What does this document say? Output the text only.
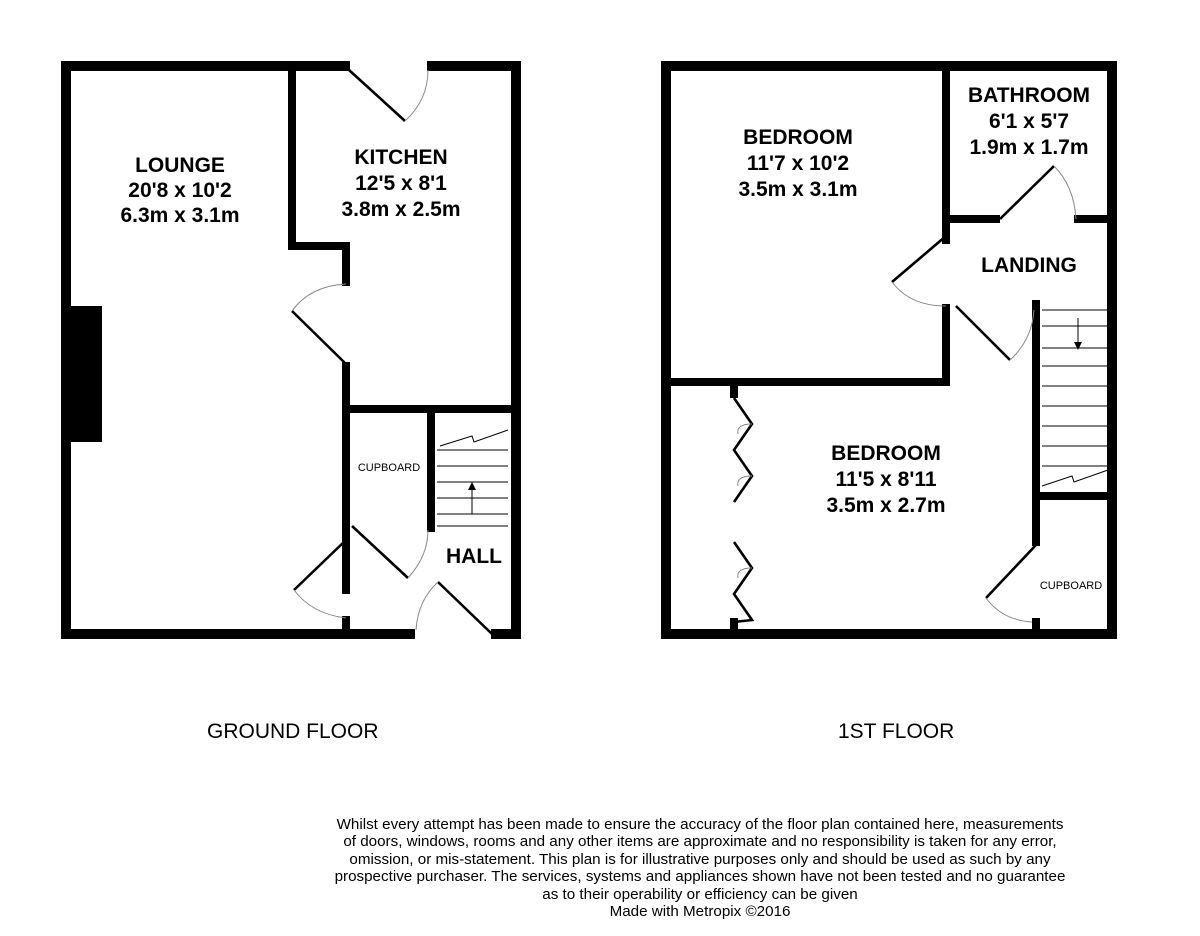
LOUNGE
20'8 x 10'2
6.3m x 3.1m
KITCHEN
12'5 x 8'1
3.8m x 2.5m
CUPBOARD
HALL
BEDROOM
11'7 x 10'2
3.5m x 3.1m
BATHROOM
6'1 x 5'7
1.9m x 1.7m
LANDING
BEDROOM
11'5 x 8'11
3.5m x 2.7m
CUPBOARD
GROUND FLOOR	1ST FLOOR
Whilst every attempt has been made to ensure the accuracy of the floor plan contained here, measurements
of doors, windows, rooms and any other items are approximate and no responsibility is taken for any error,
omission, or mis-statement. This plan is for illustrative purposes only and should be used as such by any
prospective purchaser. The services, systems and appliances shown have not been tested and no guarantee
as to their operability or efficiency can be given
Made with Metropix ©2016
